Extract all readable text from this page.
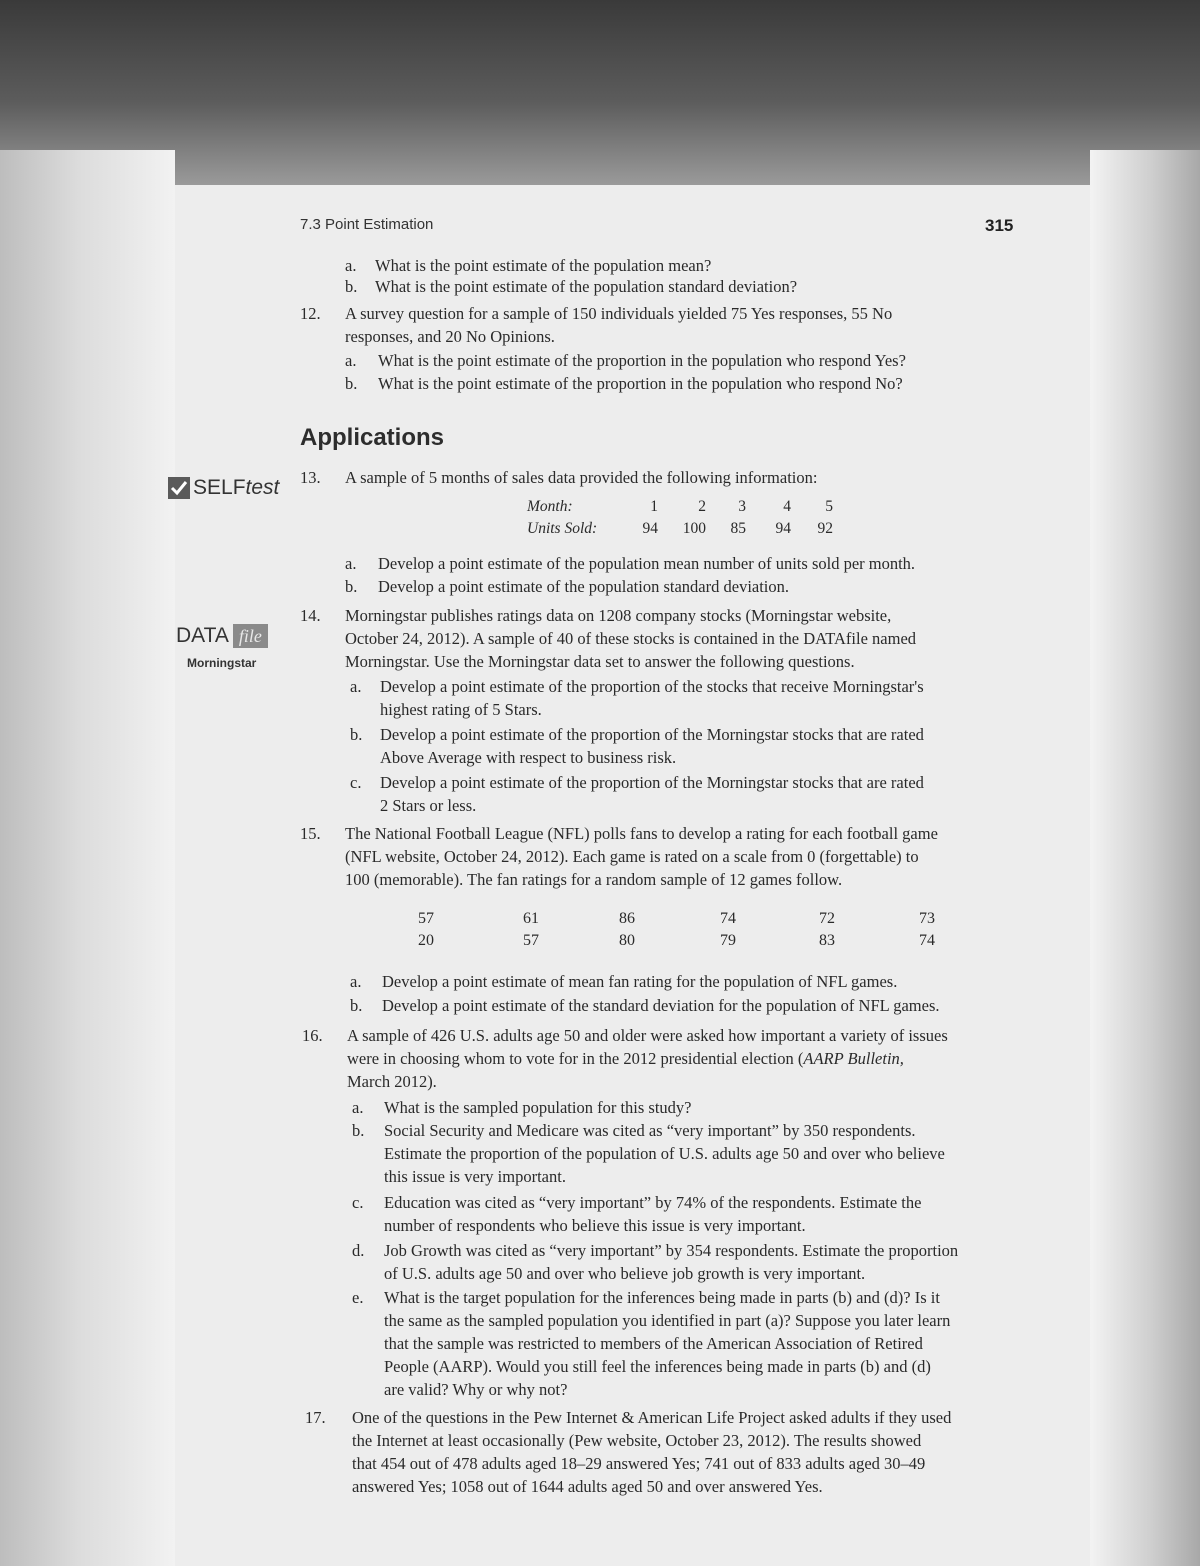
7.3 Point Estimation	315
a. What is the point estimate of the population mean?
b. What is the point estimate of the population standard deviation?
12. A survey question for a sample of 150 individuals yielded 75 Yes responses, 55 No
responses, and 20 No Opinions.
a. What is the point estimate of the proportion in the population who respond Yes?
b. What is the point estimate of the proportion in the population who respond No?
Applications
SELF test
DATA file
Morningstar
13. A sample of 5 months of sales data provided the following information:
Month:	1	2	3	4	5
Units Sold:	94	100	85	94	92
a. Develop a point estimate of the population mean number of units sold per month.
b. Develop a point estimate of the population standard deviation.
14. Morningstar publishes ratings data on 1208 company stocks (Morningstar website,
October 24, 2012). A sample of 40 of these stocks is contained in the DATAfile named
Morningstar. Use the Morningstar data set to answer the following questions.
a. Develop a point estimate of the proportion of the stocks that receive Morningstar's
highest rating of 5 Stars.
b. Develop a point estimate of the proportion of the Morningstar stocks that are rated
Above Average with respect to business risk.
c. Develop a point estimate of the proportion of the Morningstar stocks that are rated
2 Stars or less.
15. The National Football League (NFL) polls fans to develop a rating for each football game
(NFL website, October 24, 2012). Each game is rated on a scale from 0 (forgettable) to
100 (memorable). The fan ratings for a random sample of 12 games follow.
57	61	86	74	72	73
20	57	80	79	83	74
a. Develop a point estimate of mean fan rating for the population of NFL games.
b. Develop a point estimate of the standard deviation for the population of NFL games.
16. A sample of 426 U.S. adults age 50 and older were asked how important a variety of issues
were in choosing whom to vote for in the 2012 presidential election (AARP Bulletin,
March 2012).
a. What is the sampled population for this study?
b. Social Security and Medicare was cited as “very important” by 350 respondents.
Estimate the proportion of the population of U.S. adults age 50 and over who believe
this issue is very important.
c. Education was cited as “very important” by 74% of the respondents. Estimate the
number of respondents who believe this issue is very important.
d. Job Growth was cited as “very important” by 354 respondents. Estimate the proportion
of U.S. adults age 50 and over who believe job growth is very important.
e. What is the target population for the inferences being made in parts (b) and (d)? Is it
the same as the sampled population you identified in part (a)? Suppose you later learn
that the sample was restricted to members of the American Association of Retired
People (AARP). Would you still feel the inferences being made in parts (b) and (d)
are valid? Why or why not?
17. One of the questions in the Pew Internet & American Life Project asked adults if they used
the Internet at least occasionally (Pew website, October 23, 2012). The results showed
that 454 out of 478 adults aged 18–29 answered Yes; 741 out of 833 adults aged 30–49
answered Yes; 1058 out of 1644 adults aged 50 and over answered Yes.
